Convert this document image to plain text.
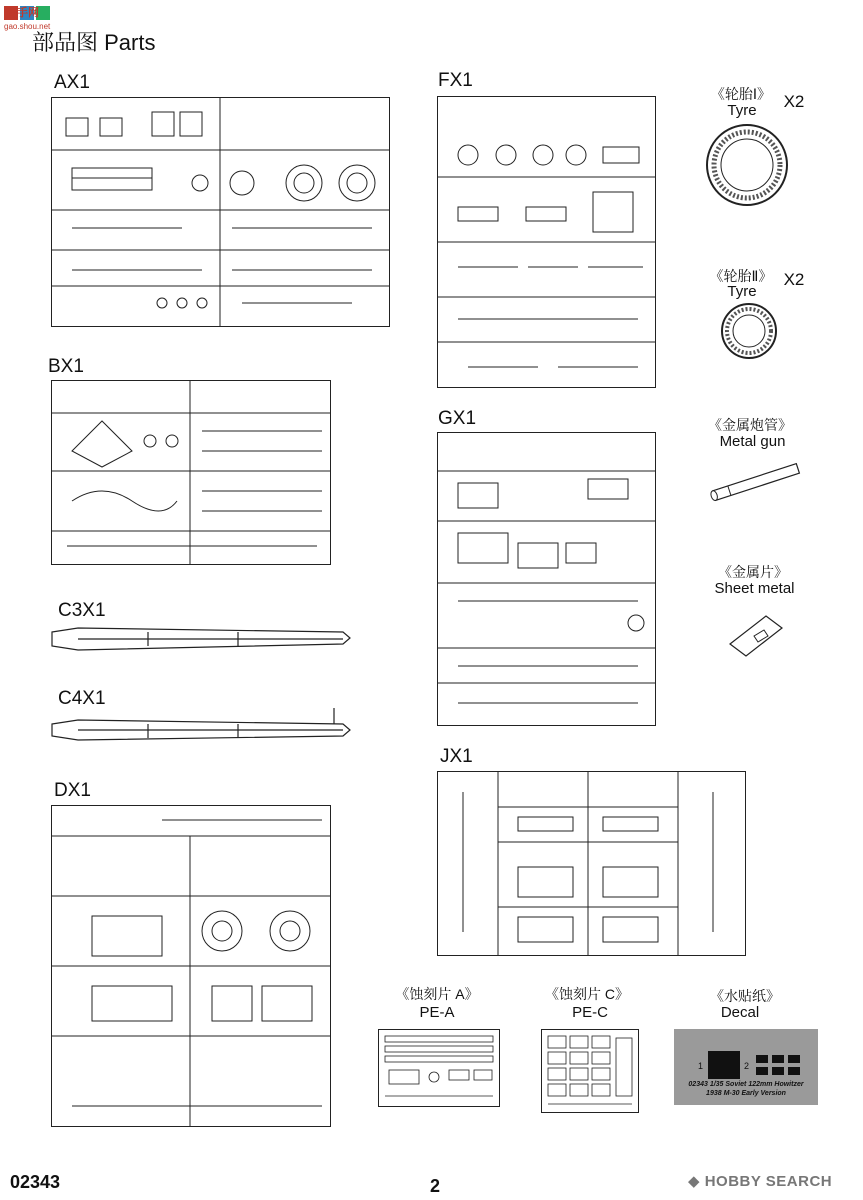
高手网
gao.shou.net
部品图 Parts
AX1
BX1
C3X1
C4X1
DX1
FX1
GX1
JX1
《轮胎Ⅰ》 X2
Tyre
《轮胎Ⅱ》 X2
Tyre
《金属炮管》
Metal gun
《金属片》
Sheet metal
《蚀刻片 A》
PE-A
《蚀刻片 C》
PE-C
《水贴纸》
Decal
1	2
02343 1/35 Soviet 122mm Howitzer
1938 M-30 Early Version
02343	2	◆ HOBBY SEARCH
